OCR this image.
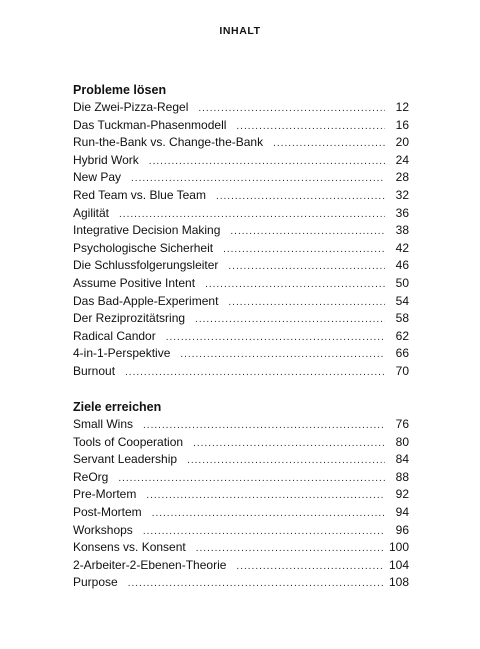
INHALT
Probleme lösen
Die Zwei-Pizza-Regel .....	12
Das Tuckman-Phasenmodell .....	16
Run-the-Bank vs. Change-the-Bank .....	20
Hybrid Work .....	24
New Pay .....	28
Red Team vs. Blue Team .....	32
Agilität .....	36
Integrative Decision Making .....	38
Psychologische Sicherheit .....	42
Die Schlussfolgerungsleiter .....	46
Assume Positive Intent .....	50
Das Bad-Apple-Experiment .....	54
Der Reziprozitätsring .....	58
Radical Candor .....	62
4-in-1-Perspektive .....	66
Burnout .....	70
Ziele erreichen
Small Wins .....	76
Tools of Cooperation .....	80
Servant Leadership .....	84
ReOrg .....	88
Pre-Mortem .....	92
Post-Mortem .....	94
Workshops .....	96
Konsens vs. Konsent .....	100
2-Arbeiter-2-Ebenen-Theorie .....	104
Purpose .....	108
